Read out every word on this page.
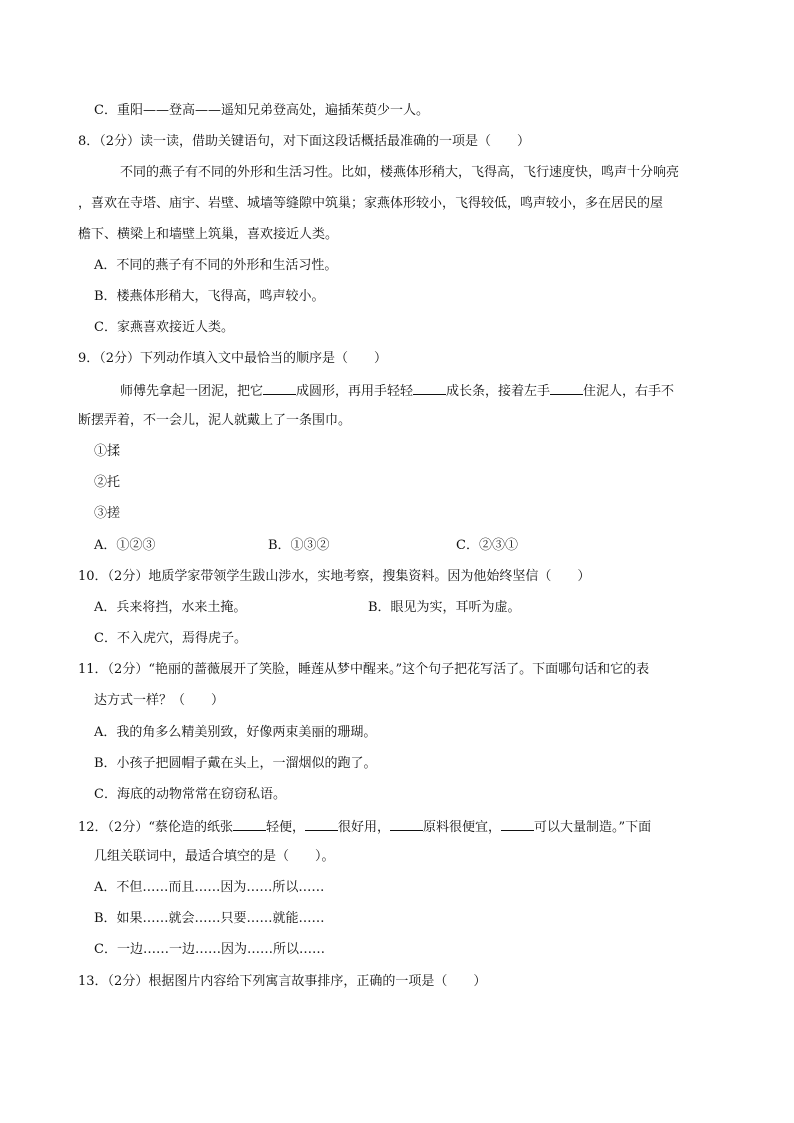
C．重阳——登高——遥知兄弟登高处，遍插茱萸少一人。
8．（2分）读一读，借助关键语句，对下面这段话概括最准确的一项是（　　）
不同的燕子有不同的外形和生活习性。比如，楼燕体形稍大，飞得高，飞行速度快，鸣声十分响亮
，喜欢在寺塔、庙宇、岩壁、城墙等缝隙中筑巢；家燕体形较小，飞得较低，鸣声较小，多在居民的屋
檐下、横梁上和墙壁上筑巢，喜欢接近人类。
A．不同的燕子有不同的外形和生活习性。
B．楼燕体形稍大，飞得高，鸣声较小。
C．家燕喜欢接近人类。
9．（2分）下列动作填入文中最恰当的顺序是（　　）
师傅先拿起一团泥，把它	成圆形，再用手轻轻	成长条，接着左手	住泥人，右手不
断摆弄着，不一会儿，泥人就戴上了一条围巾。
①揉
②托
③搓
A．①②③	B．①③②	C．②③①
10．（2分）地质学家带领学生跋山涉水，实地考察，搜集资料。因为他始终坚信（　　）
A．兵来将挡，水来土掩。	B．眼见为实，耳听为虚。
C．不入虎穴，焉得虎子。
11．（2分）“艳丽的蔷薇展开了笑脸，睡莲从梦中醒来。”这个句子把花写活了。下面哪句话和它的表
达方式一样？（　　）
A．我的角多么精美别致，好像两束美丽的珊瑚。
B．小孩子把圆帽子戴在头上，一溜烟似的跑了。
C．海底的动物常常在窃窃私语。
12．（2分）“蔡伦造的纸张	轻便，	很好用，	原料很便宜，	可以大量制造。”下面
几组关联词中，最适合填空的是（　　）。
A．不但……而且……因为……所以……
B．如果……就会……只要……就能……
C．一边……一边……因为……所以……
13．（2分）根据图片内容给下列寓言故事排序，正确的一项是（　　）
